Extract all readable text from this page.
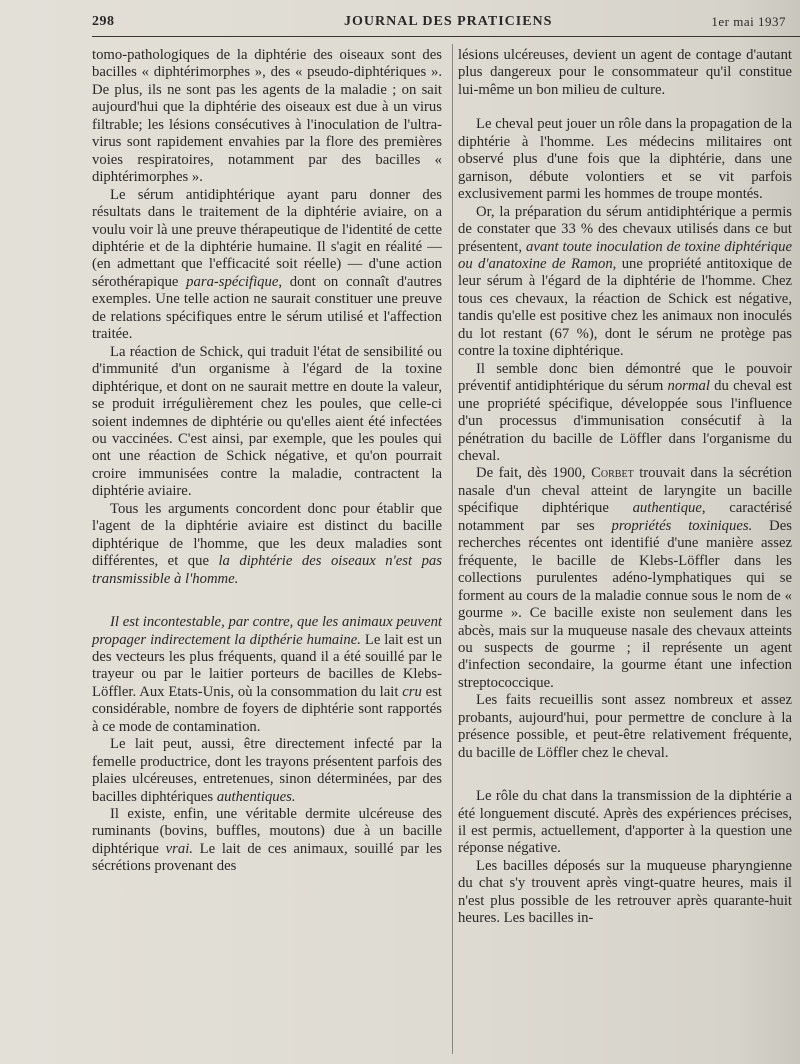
298	JOURNAL DES PRATICIENS	1er mai 1937

tomo-pathologiques de la diphtérie des oiseaux sont des bacilles « diphtérimorphes », des « pseudo-diphtériques ». De plus, ils ne sont pas les agents de la maladie ; on sait aujourd'hui que la diphtérie des oiseaux est due à un virus filtrable; les lésions consécutives à l'inoculation de l'ultra-virus sont rapidement envahies par la flore des premières voies respiratoires, notamment par des bacilles « diphtérimorphes ».

Le sérum antidiphtérique ayant paru donner des résultats dans le traitement de la diphtérie aviaire, on a voulu voir là une preuve thérapeutique de l'identité de cette diphtérie et de la diphtérie humaine. Il s'agit en réalité — (en admettant que l'efficacité soit réelle) — d'une action sérothérapique para-spécifique, dont on connaît d'autres exemples. Une telle action ne saurait constituer une preuve de relations spécifiques entre le sérum utilisé et l'affection traitée.

La réaction de Schick, qui traduit l'état de sensibilité ou d'immunité d'un organisme à l'égard de la toxine diphtérique, et dont on ne saurait mettre en doute la valeur, se produit irrégulièrement chez les poules, que celle-ci soient indemnes de diphtérie ou qu'elles aient été infectées ou vaccinées. C'est ainsi, par exemple, que les poules qui ont une réaction de Schick négative, et qu'on pourrait croire immunisées contre la maladie, contractent la diphtérie aviaire.

Tous les arguments concordent donc pour établir que l'agent de la diphtérie aviaire est distinct du bacille diphtérique de l'homme, que les deux maladies sont différentes, et que la diphtérie des oiseaux n'est pas transmissible à l'homme.

Il est incontestable, par contre, que les animaux peuvent propager indirectement la dipthérie humaine. Le lait est un des vecteurs les plus fréquents, quand il a été souillé par le trayeur ou par le laitier porteurs de bacilles de Klebs-Löffler. Aux Etats-Unis, où la consommation du lait cru est considérable, nombre de foyers de diphtérie sont rapportés à ce mode de contamination.

Le lait peut, aussi, être directement infecté par la femelle productrice, dont les trayons présentent parfois des plaies ulcéreuses, entretenues, sinon déterminées, par des bacilles diphtériques authentiques.

Il existe, enfin, une véritable dermite ulcéreuse des ruminants (bovins, buffles, moutons) due à un bacille diphtérique vrai. Le lait de ces animaux, souillé par les sécrétions provenant des

lésions ulcéreuses, devient un agent de contage d'autant plus dangereux pour le consommateur qu'il constitue lui-même un bon milieu de culture.

Le cheval peut jouer un rôle dans la propagation de la diphtérie à l'homme. Les médecins militaires ont observé plus d'une fois que la diphtérie, dans une garnison, débute volontiers et se vit parfois exclusivement parmi les hommes de troupe montés.

Or, la préparation du sérum antidiphtérique a permis de constater que 33 % des chevaux utilisés dans ce but présentent, avant toute inoculation de toxine diphtérique ou d'anatoxine de Ramon, une propriété antitoxique de leur sérum à l'égard de la diphtérie de l'homme. Chez tous ces chevaux, la réaction de Schick est négative, tandis qu'elle est positive chez les animaux non inoculés du lot restant (67 %), dont le sérum ne protège pas contre la toxine diphtérique.

Il semble donc bien démontré que le pouvoir préventif antidiphtérique du sérum normal du cheval est une propriété spécifique, développée sous l'influence d'un processus d'immunisation consécutif à la pénétration du bacille de Löffler dans l'organisme du cheval.

De fait, dès 1900, Corbet trouvait dans la sécrétion nasale d'un cheval atteint de laryngite un bacille spécifique diphtérique authentique, caractérisé notamment par ses propriétés toxiniques. Des recherches récentes ont identifié d'une manière assez fréquente, le bacille de Klebs-Löffler dans les collections purulentes adéno-lymphatiques qui se forment au cours de la maladie connue sous le nom de « gourme ». Ce bacille existe non seulement dans les abcès, mais sur la muqueuse nasale des chevaux atteints ou suspects de gourme ; il représente un agent d'infection secondaire, la gourme étant une infection streptococcique.

Les faits recueillis sont assez nombreux et assez probants, aujourd'hui, pour permettre de conclure à la présence possible, et peut-être relativement fréquente, du bacille de Löffler chez le cheval.

Le rôle du chat dans la transmission de la diphtérie a été longuement discuté. Après des expériences précises, il est permis, actuellement, d'apporter à la question une réponse négative.

Les bacilles déposés sur la muqueuse pharyngienne du chat s'y trouvent après vingt-quatre heures, mais il n'est plus possible de les retrouver après quarante-huit heures. Les bacilles in-
